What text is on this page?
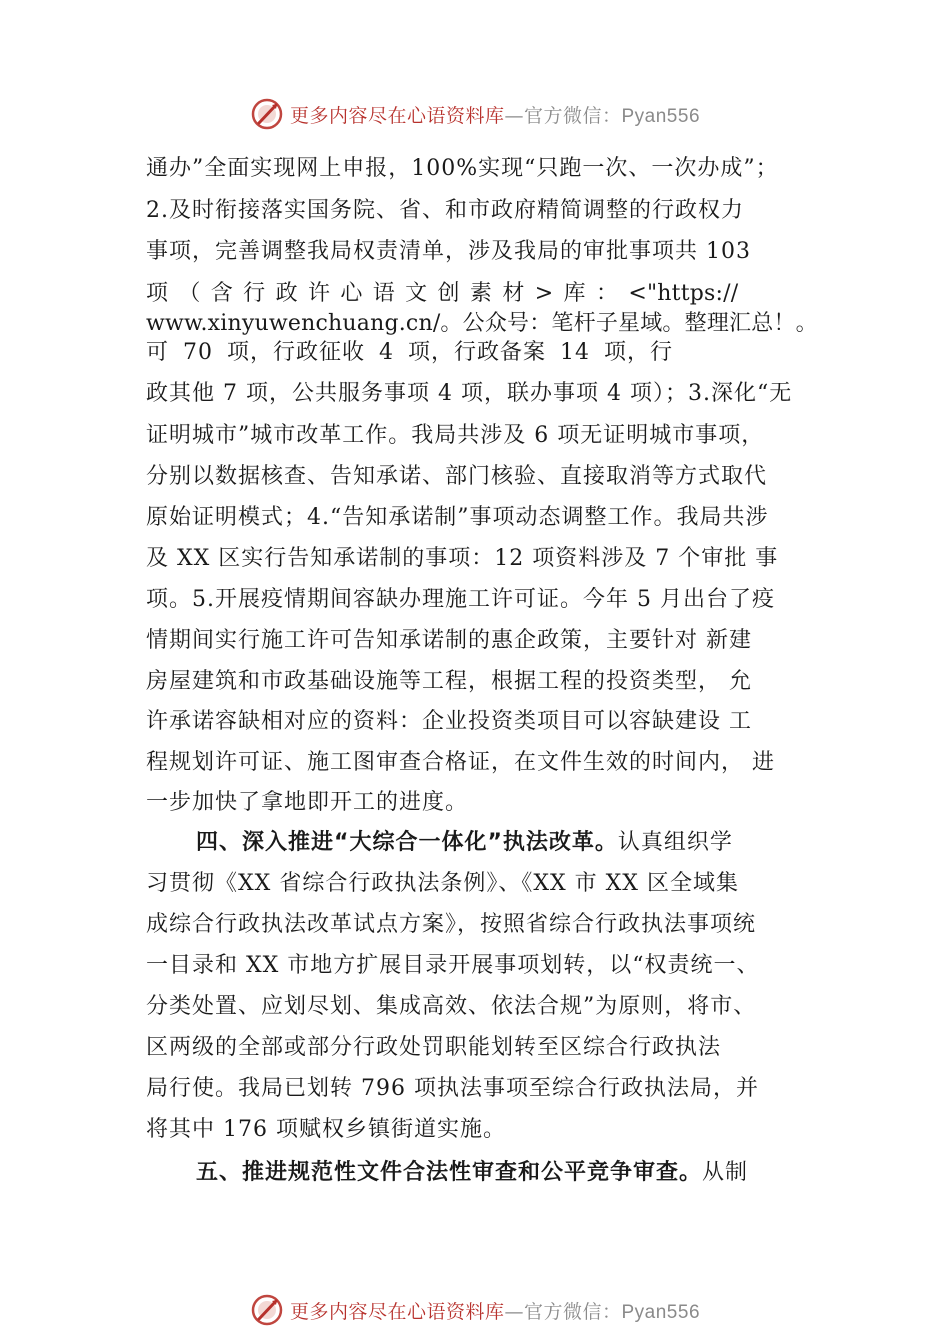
更多内容尽在心语资料库—官方微信：Pyan556
通办”全面实现网上申报，100%实现“只跑一次、一次办成”；
2.及时衔接落实国务院、省、和市政府精简调整的行政权力
事项，完善调整我局权责清单，涉及我局的审批事项共 103
项 （ 含 行 政 许 心 语 文 创 素 材 > 库 ： <"https://
www.xinyuwenchuang.cn/。公众号：笔杆子星域。整理汇总！。
可 70 项，行政征收 4 项，行政备案 14 项，行
政其他 7 项，公共服务事项 4 项，联办事项 4 项）；3.深化“无
证明城市”城市改革工作。我局共涉及 6 项无证明城市事项，
分别以数据核查、告知承诺、部门核验、直接取消等方式取代
原始证明模式；4.“告知承诺制”事项动态调整工作。我局共涉
及 XX 区实行告知承诺制的事项：12 项资料涉及 7 个审批 事
项。5.开展疫情期间容缺办理施工许可证。今年 5 月出台了疫
情期间实行施工许可告知承诺制的惠企政策，主要针对 新建
房屋建筑和市政基础设施等工程，根据工程的投资类型， 允
许承诺容缺相对应的资料：企业投资类项目可以容缺建设 工
程规划许可证、施工图审查合格证，在文件生效的时间内， 进
一步加快了拿地即开工的进度。
四、深入推进“大综合一体化”执法改革。认真组织学
习贯彻《XX 省综合行政执法条例》、《XX 市 XX 区全域集
成综合行政执法改革试点方案》，按照省综合行政执法事项统
一目录和 XX 市地方扩展目录开展事项划转，以“权责统一、
分类处置、应划尽划、集成高效、依法合规”为原则，将市、
区两级的全部或部分行政处罚职能划转至区综合行政执法
局行使。我局已划转 796 项执法事项至综合行政执法局，并
将其中 176 项赋权乡镇街道实施。
五、推进规范性文件合法性审查和公平竞争审查。从制
更多内容尽在心语资料库—官方微信：Pyan556
